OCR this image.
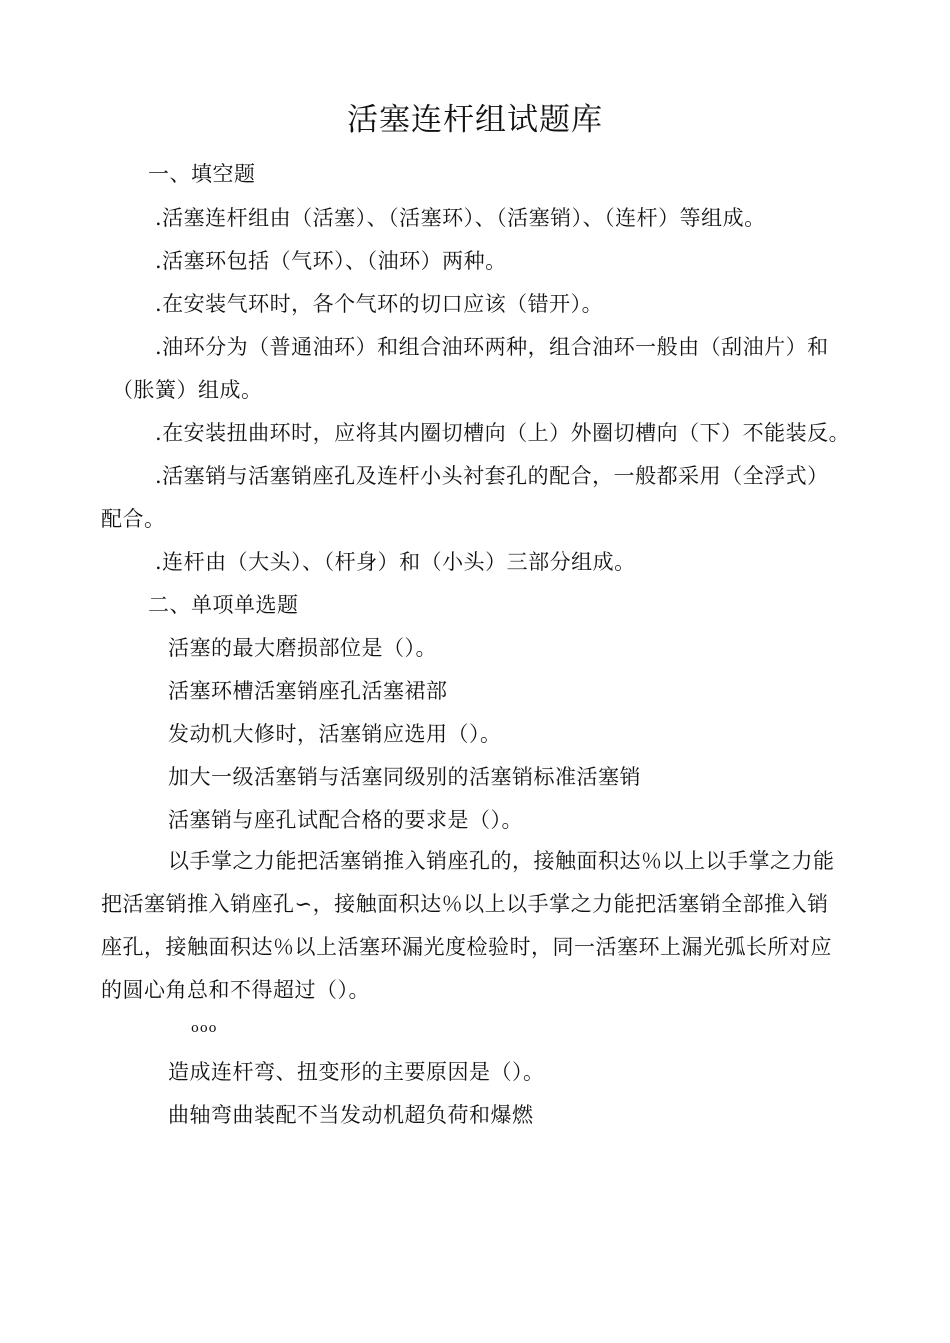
活塞连杆组试题库
一、填空题
.活塞连杆组由（活塞）、（活塞环）、（活塞销）、（连杆）等组成。
.活塞环包括（气环）、（油环）两种。
.在安装气环时，各个气环的切口应该（错开）。
.油环分为（普通油环）和组合油环两种，组合油环一般由（刮油片）和
（胀簧）组成。
.在安装扭曲环时，应将其内圈切槽向（上）外圈切槽向（下）不能装反。
.活塞销与活塞销座孔及连杆小头衬套孔的配合，一般都采用（全浮式）
配合。
.连杆由（大头）、（杆身）和（小头）三部分组成。
二、单项单选题
活塞的最大磨损部位是（）。
活塞环槽活塞销座孔活塞裙部
发动机大修时，活塞销应选用（）。
加大一级活塞销与活塞同级别的活塞销标准活塞销
活塞销与座孔试配合格的要求是（）。
以手掌之力能把活塞销推入销座孔的，接触面积达％以上以手掌之力能
把活塞销推入销座孔∽，接触面积达％以上以手掌之力能把活塞销全部推入销
座孔，接触面积达％以上活塞环漏光度检验时，同一活塞环上漏光弧长所对应
的圆心角总和不得超过（）。
ooo
造成连杆弯、扭变形的主要原因是（）。
曲轴弯曲装配不当发动机超负荷和爆燃
